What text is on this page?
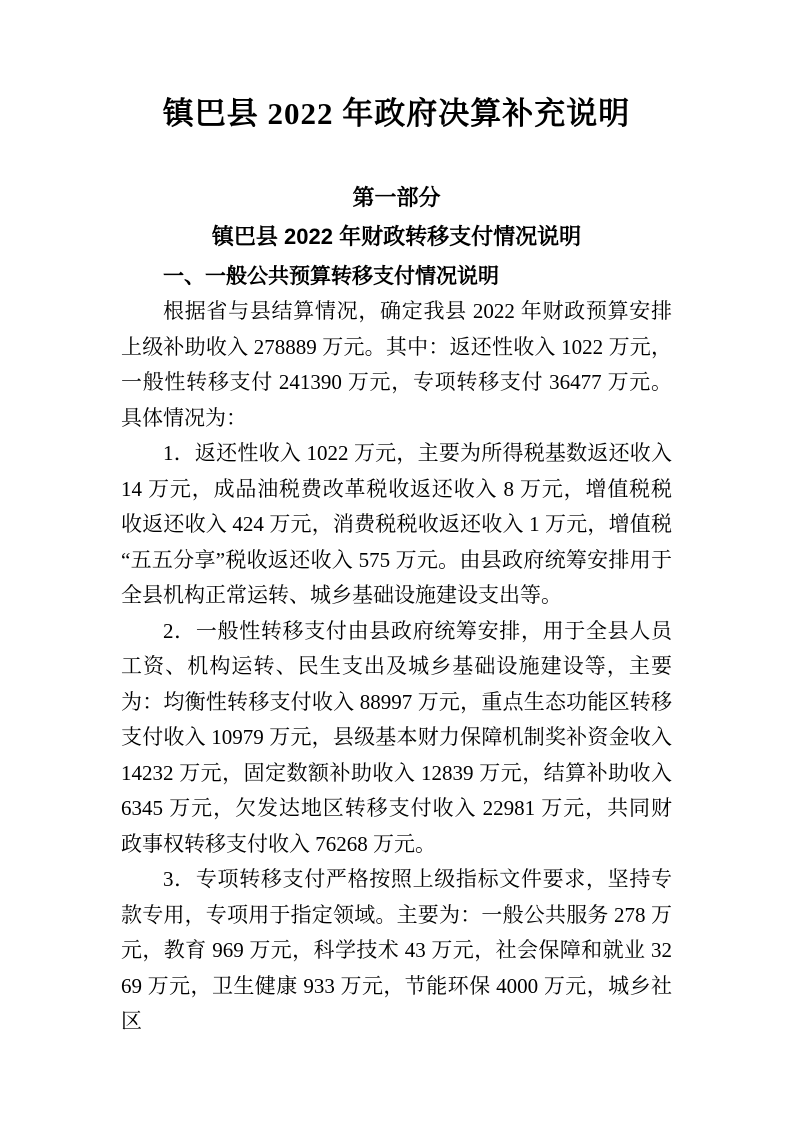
镇巴县 2022 年政府决算补充说明
第一部分
镇巴县 2022 年财政转移支付情况说明
一、一般公共预算转移支付情况说明

根据省与县结算情况，确定我县 2022 年财政预算安排上级补助收入 278889 万元。其中：返还性收入 1022 万元，一般性转移支付 241390 万元，专项转移支付 36477 万元。具体情况为：

1．返还性收入 1022 万元，主要为所得税基数返还收入 14 万元，成品油税费改革税收返还收入 8 万元，增值税税收返还收入 424 万元，消费税税收返还收入 1 万元，增值税“五五分享”税收返还收入 575 万元。由县政府统筹安排用于全县机构正常运转、城乡基础设施建设支出等。

2．一般性转移支付由县政府统筹安排，用于全县人员工资、机构运转、民生支出及城乡基础设施建设等，主要为：均衡性转移支付收入 88997 万元，重点生态功能区转移支付收入 10979 万元，县级基本财力保障机制奖补资金收入 14232 万元，固定数额补助收入 12839 万元，结算补助收入 6345 万元，欠发达地区转移支付收入 22981 万元，共同财政事权转移支付收入 76268 万元。

3．专项转移支付严格按照上级指标文件要求，坚持专款专用，专项用于指定领域。主要为：一般公共服务 278 万元，教育 969 万元，科学技术 43 万元，社会保障和就业 3269 万元，卫生健康 933 万元，节能环保 4000 万元，城乡社区
